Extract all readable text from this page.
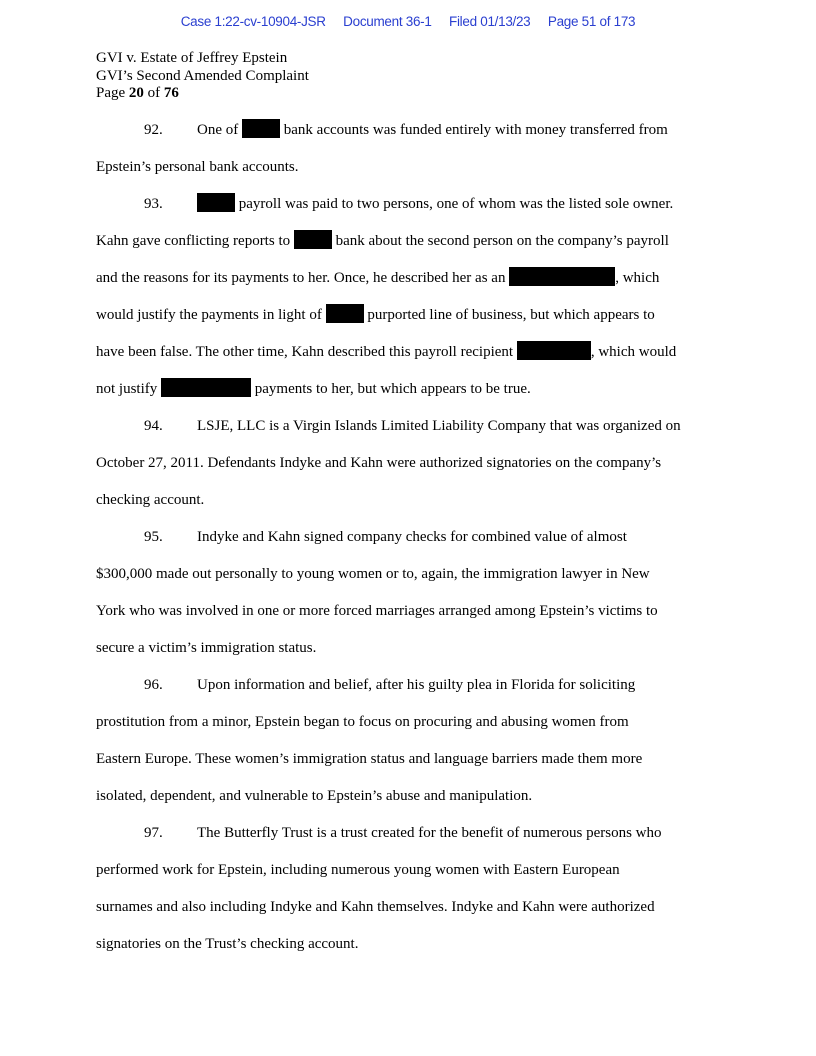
Case 1:22-cv-10904-JSR Document 36-1 Filed 01/13/23 Page 51 of 173
GVI v. Estate of Jeffrey Epstein
GVI’s Second Amended Complaint
Page 20 of 76
92. One of	bank accounts was funded entirely with money transferred from
Epstein’s personal bank accounts.
93.	payroll was paid to two persons, one of whom was the listed sole owner.
Kahn gave conflicting reports to	bank about the second person on the company’s payroll
and the reasons for its payments to her. Once, he described her as an	, which
would justify the payments in light of	purported line of business, but which appears to
have been false. The other time, Kahn described this payroll recipient	, which would
not justify	payments to her, but which appears to be true.
94. LSJE, LLC is a Virgin Islands Limited Liability Company that was organized on
October 27, 2011. Defendants Indyke and Kahn were authorized signatories on the company’s
checking account.
95. Indyke and Kahn signed company checks for combined value of almost
$300,000 made out personally to young women or to, again, the immigration lawyer in New
York who was involved in one or more forced marriages arranged among Epstein’s victims to
secure a victim’s immigration status.
96. Upon information and belief, after his guilty plea in Florida for soliciting
prostitution from a minor, Epstein began to focus on procuring and abusing women from
Eastern Europe. These women’s immigration status and language barriers made them more
isolated, dependent, and vulnerable to Epstein’s abuse and manipulation.
97. The Butterfly Trust is a trust created for the benefit of numerous persons who
performed work for Epstein, including numerous young women with Eastern European
surnames and also including Indyke and Kahn themselves. Indyke and Kahn were authorized
signatories on the Trust’s checking account.
